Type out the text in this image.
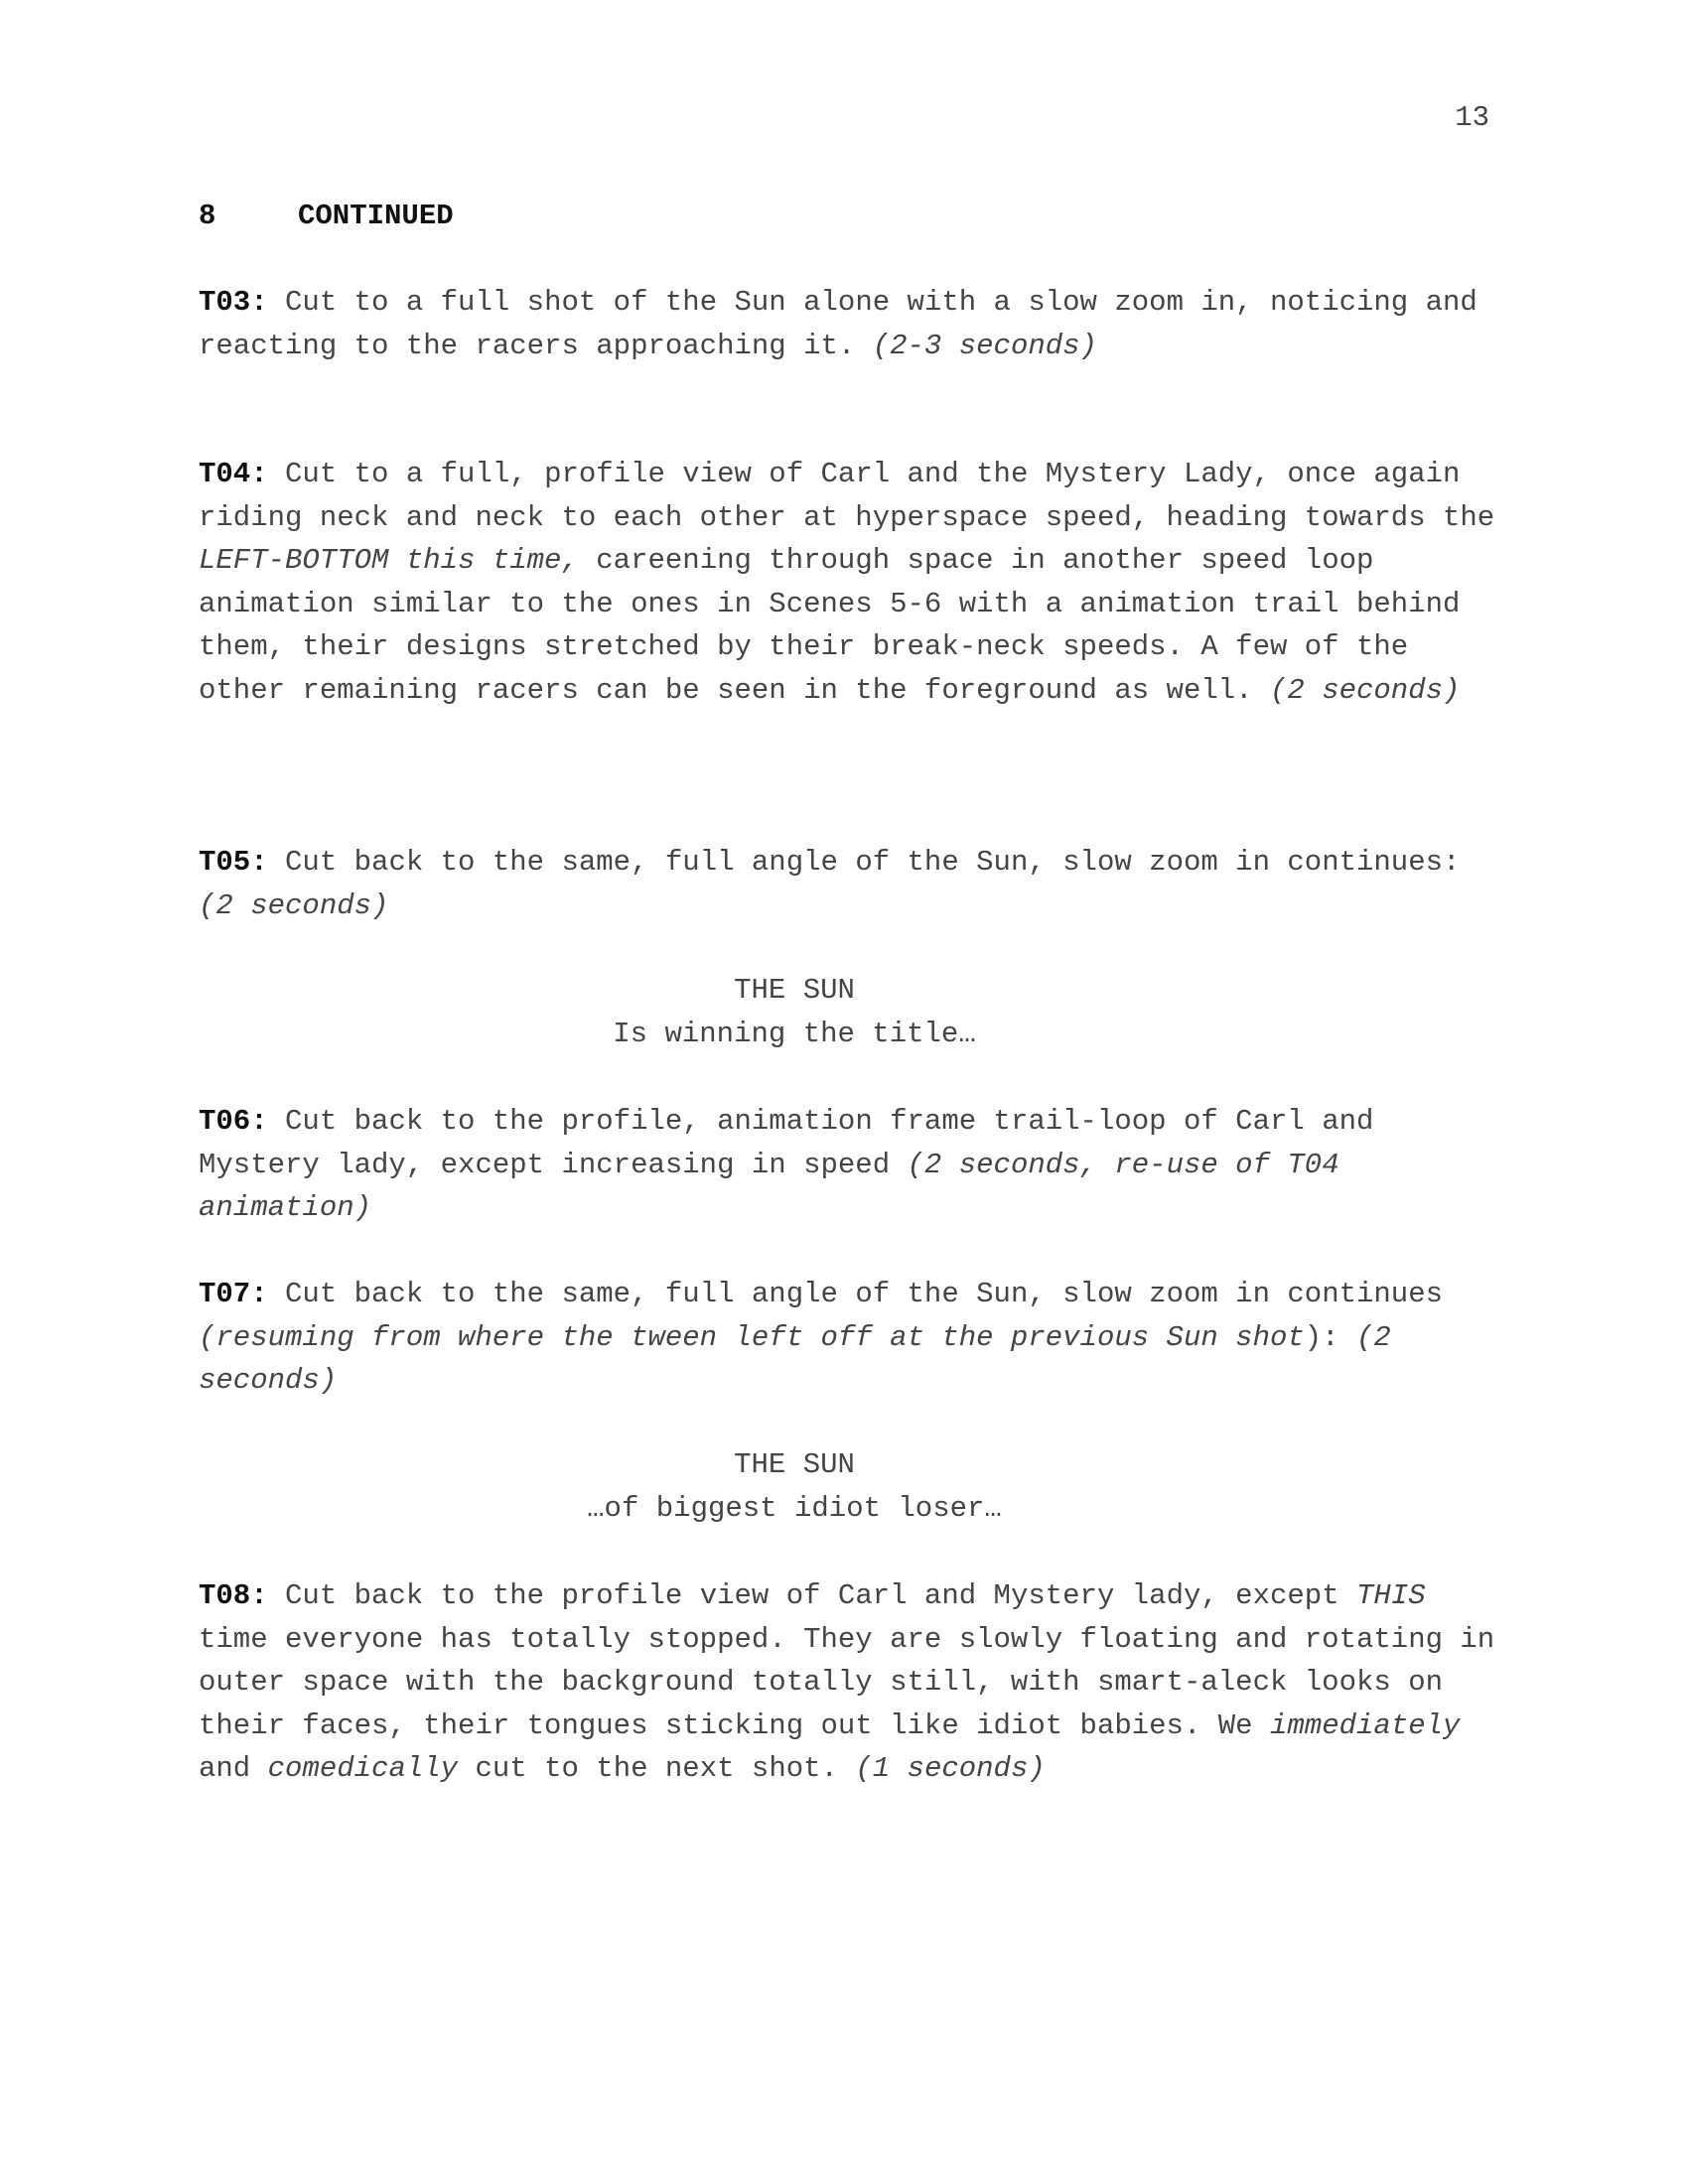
13
8	CONTINUED
T03: Cut to a full shot of the Sun alone with a slow zoom in, noticing and reacting to the racers approaching it. (2-3 seconds)
T04: Cut to a full, profile view of Carl and the Mystery Lady, once again riding neck and neck to each other at hyperspace speed, heading towards the LEFT-BOTTOM this time, careening through space in another speed loop animation similar to the ones in Scenes 5-6 with a animation trail behind them, their designs stretched by their break-neck speeds. A few of the other remaining racers can be seen in the foreground as well. (2 seconds)
T05: Cut back to the same, full angle of the Sun, slow zoom in continues: (2 seconds)
THE SUN
Is winning the title…
T06: Cut back to the profile, animation frame trail-loop of Carl and Mystery lady, except increasing in speed (2 seconds, re-use of T04 animation)
T07: Cut back to the same, full angle of the Sun, slow zoom in continues (resuming from where the tween left off at the previous Sun shot): (2 seconds)
THE SUN
…of biggest idiot loser…
T08: Cut back to the profile view of Carl and Mystery lady, except THIS time everyone has totally stopped. They are slowly floating and rotating in outer space with the background totally still, with smart-aleck looks on their faces, their tongues sticking out like idiot babies. We immediately and comedically cut to the next shot. (1 seconds)
